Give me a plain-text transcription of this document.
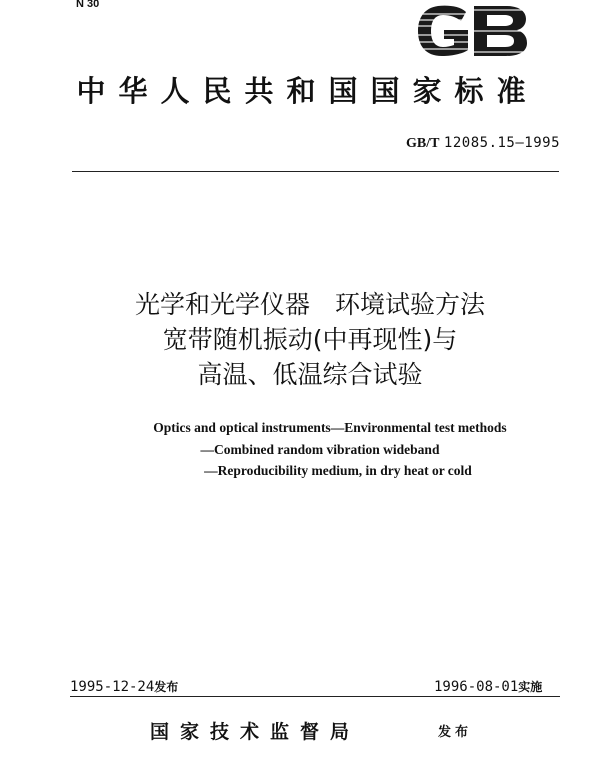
N 30
中华人民共和国国家标准
GB/T 12085.15—1995
光学和光学仪器　环境试验方法
宽带随机振动(中再现性)与
高温、低温综合试验
Optics and optical instruments—Environmental test methods
—Combined random vibration wideband
—Reproducibility medium, in dry heat or cold
1995-12-24发布	1996-08-01实施
国家技术监督局	发布
